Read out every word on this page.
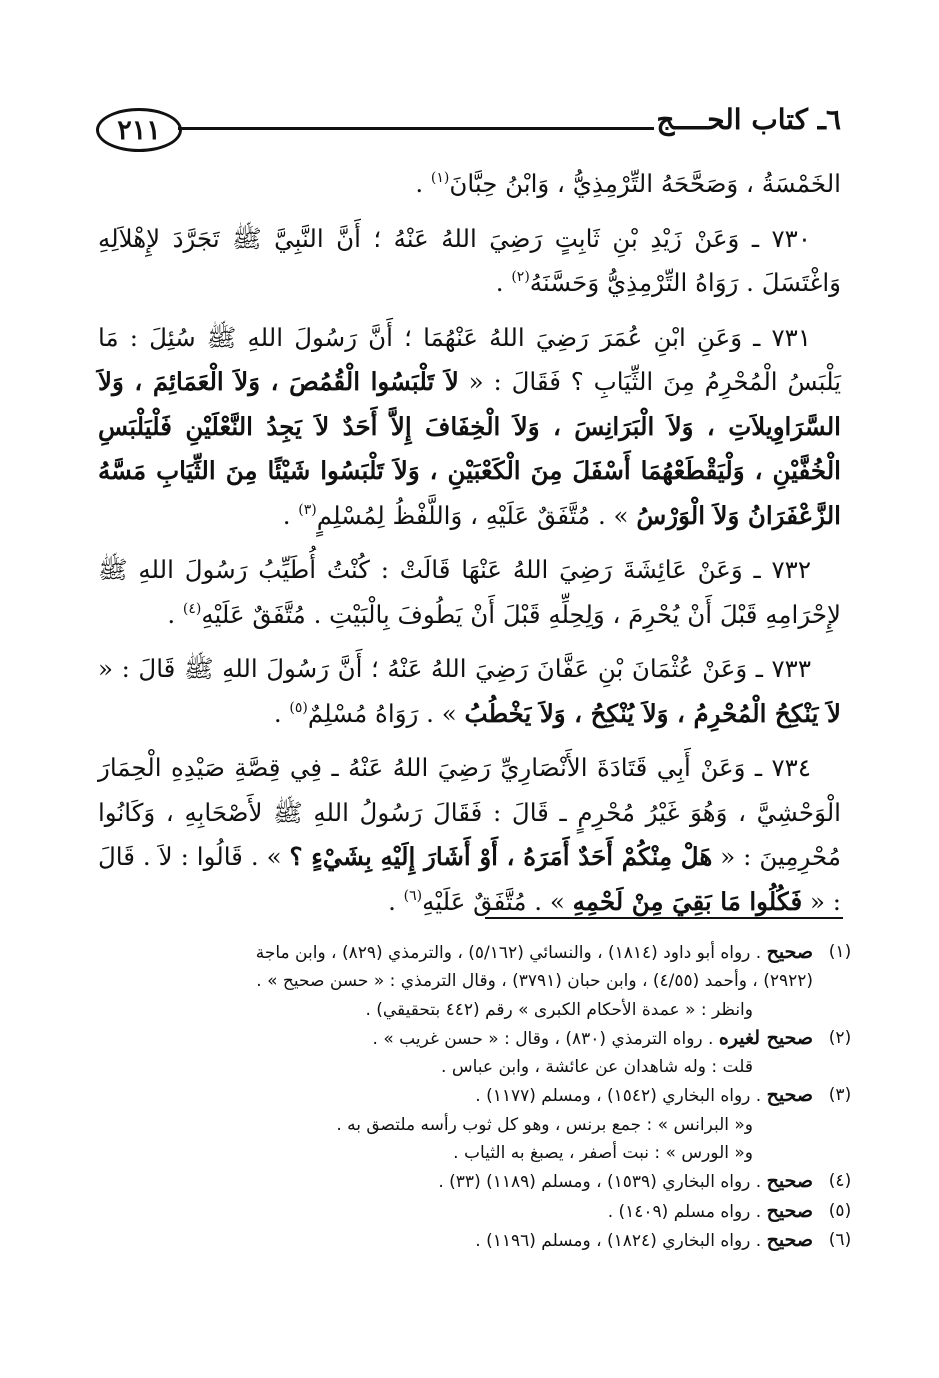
٢١١	٦ـ كتاب الحــــج

الخَمْسَةُ ، وَصَحَّحَهُ التِّرْمِذِيُّ ، وَابْنُ حِبَّانَ$^{(١)}$ .

٧٣٠ ـ وَعَنْ زَيْدِ بْنِ ثَابِتٍ رَضِيَ اللهُ عَنْهُ ؛ أَنَّ النَّبِيَّ ﷺ تَجَرَّدَ لإِهْلاَلِهِ وَاغْتَسَلَ . رَوَاهُ التِّرْمِذِيُّ وَحَسَّنَهُ$^{(٢)}$ .

٧٣١ ـ وَعَنِ ابْنِ عُمَرَ رَضِيَ اللهُ عَنْهُمَا ؛ أَنَّ رَسُولَ اللهِ ﷺ سُئِلَ : مَا يَلْبَسُ الْمُحْرِمُ مِنَ الثِّيَابِ ؟ فَقَالَ : « لاَ تَلْبَسُوا الْقُمُصَ ، وَلاَ الْعَمَائِمَ ، وَلاَ السَّرَاوِيلاَتِ ، وَلاَ الْبَرَانِسَ ، وَلاَ الْخِفَافَ إِلاَّ أَحَدٌ لاَ يَجِدُ النَّعْلَيْنِ فَلْيَلْبَسِ الْخُفَّيْنِ ، وَلْيَقْطَعْهُمَا أَسْفَلَ مِنَ الْكَعْبَيْنِ ، وَلاَ تَلْبَسُوا شَيْئًا مِنَ الثِّيَابِ مَسَّهُ الزَّعْفَرَانُ وَلاَ الْوَرْسُ » . مُتَّفَقٌ عَلَيْهِ ، وَاللَّفْظُ لِمُسْلِمٍ$^{(٣)}$ .

٧٣٢ ـ وَعَنْ عَائِشَةَ رَضِيَ اللهُ عَنْهَا قَالَتْ : كُنْتُ أُطَيِّبُ رَسُولَ اللهِ ﷺ لإِحْرَامِهِ قَبْلَ أَنْ يُحْرِمَ ، وَلِحِلِّهِ قَبْلَ أَنْ يَطُوفَ بِالْبَيْتِ . مُتَّفَقٌ عَلَيْهِ$^{(٤)}$ .

٧٣٣ ـ وَعَنْ عُثْمَانَ بْنِ عَفَّانَ رَضِيَ اللهُ عَنْهُ ؛ أَنَّ رَسُولَ اللهِ ﷺ قَالَ : « لاَ يَنْكِحُ الْمُحْرِمُ ، وَلاَ يُنْكِحُ ، وَلاَ يَخْطُبُ » . رَوَاهُ مُسْلِمٌ$^{(٥)}$ .

٧٣٤ ـ وَعَنْ أَبِي قَتَادَةَ الأَنْصَارِيِّ رَضِيَ اللهُ عَنْهُ ـ فِي قِصَّةِ صَيْدِهِ الْحِمَارَ الْوَحْشِيَّ ، وَهُوَ غَيْرُ مُحْرِمٍ ـ قَالَ : فَقَالَ رَسُولُ اللهِ ﷺ لأَصْحَابِهِ ، وَكَانُوا مُحْرِمِينَ : « هَلْ مِنْكُمْ أَحَدٌ أَمَرَهُ ، أَوْ أَشَارَ إِلَيْهِ بِشَيْءٍ ؟ » . قَالُوا : لاَ . قَالَ : « فَكُلُوا مَا بَقِيَ مِنْ لَحْمِهِ » . مُتَّفَقٌ عَلَيْهِ$^{(٦)}$ .

(١)
صحيح . رواه أبو داود (١٨١٤) ، والنسائي (٥/١٦٢) ، والترمذي (٨٢٩) ، وابن ماجة
(٢٩٢٢) ، وأحمد (٤/٥٥) ، وابن حبان (٣٧٩١) ، وقال الترمذي : « حسن صحيح » .
وانظر : « عمدة الأحكام الكبرى » رقم (٤٤٢ بتحقيقي) .
(٢)
صحيح لغيره . رواه الترمذي (٨٣٠) ، وقال : « حسن غريب » .
قلت : وله شاهدان عن عائشة ، وابن عباس .
(٣)
صحيح . رواه البخاري (١٥٤٢) ، ومسلم (١١٧٧) .
و« البرانس » : جمع برنس ، وهو كل ثوب رأسه ملتصق به .
و« الورس » : نبت أصفر ، يصبغ به الثياب .
(٤)
صحيح . رواه البخاري (١٥٣٩) ، ومسلم (١١٨٩) (٣٣) .
(٥)
صحيح . رواه مسلم (١٤٠٩) .
(٦)
صحيح . رواه البخاري (١٨٢٤) ، ومسلم (١١٩٦) .
